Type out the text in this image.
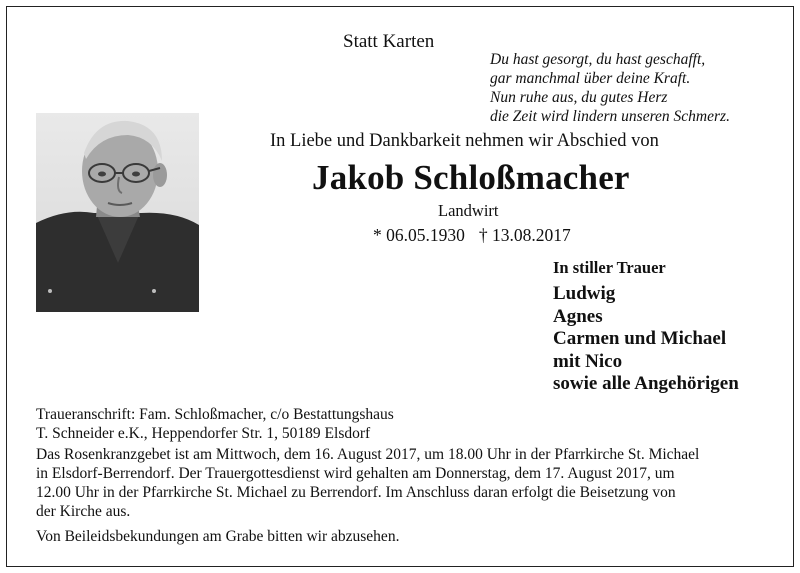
Statt Karten
Du hast gesorgt, du hast geschafft,
gar manchmal über deine Kraft.
Nun ruhe aus, du gutes Herz
die Zeit wird lindern unseren Schmerz.
In Liebe und Dankbarkeit nehmen wir Abschied von
Jakob Schloßmacher
Landwirt
* 06.05.1930 † 13.08.2017
In stiller Trauer
Ludwig
Agnes
Carmen und Michael
mit Nico
sowie alle Angehörigen
Traueranschrift: Fam. Schloßmacher, c/o Bestattungshaus
T. Schneider e.K., Heppendorfer Str. 1, 50189 Elsdorf
Das Rosenkranzgebet ist am Mittwoch, dem 16. August 2017, um 18.00 Uhr in der Pfarrkirche St. Michael
in Elsdorf-Berrendorf. Der Trauergottesdienst wird gehalten am Donnerstag, dem 17. August 2017, um
12.00 Uhr in der Pfarrkirche St. Michael zu Berrendorf. Im Anschluss daran erfolgt die Beisetzung von
der Kirche aus.
Von Beileidsbekundungen am Grabe bitten wir abzusehen.
